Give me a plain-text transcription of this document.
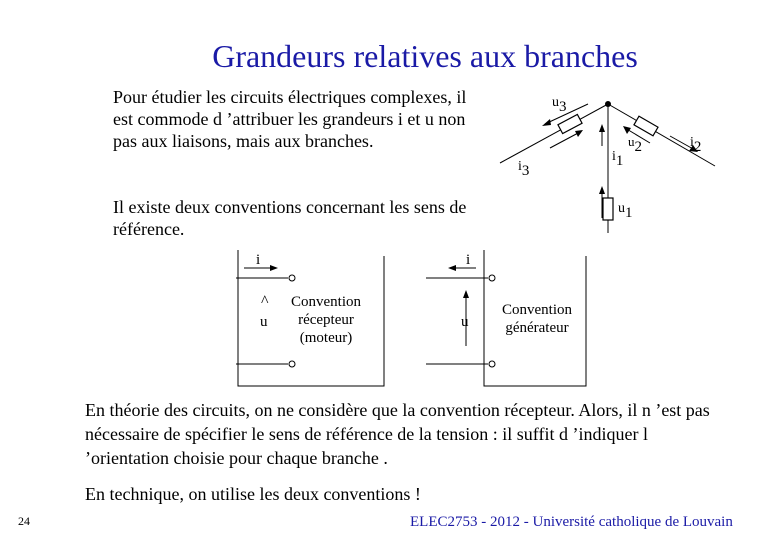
Grandeurs relatives aux branches
Pour étudier les circuits électriques complexes, il est commode d ’attribuer les grandeurs i et u non pas aux liaisons, mais aux branches.
Il existe deux conventions concernant les sens de référence.
u3
i3
i1
u1
u2	i2
i
^
u
Convention
récepteur
(moteur)
i
u
Convention
générateur
En théorie des circuits, on ne considère que la convention récepteur. Alors, il n ’est pas nécessaire de spécifier le sens de référence de la tension : il suffit d ’indiquer l ’orientation choisie pour chaque branche .
En technique, on utilise les deux conventions !
24	ELEC2753 - 2012 - Université catholique de Louvain
